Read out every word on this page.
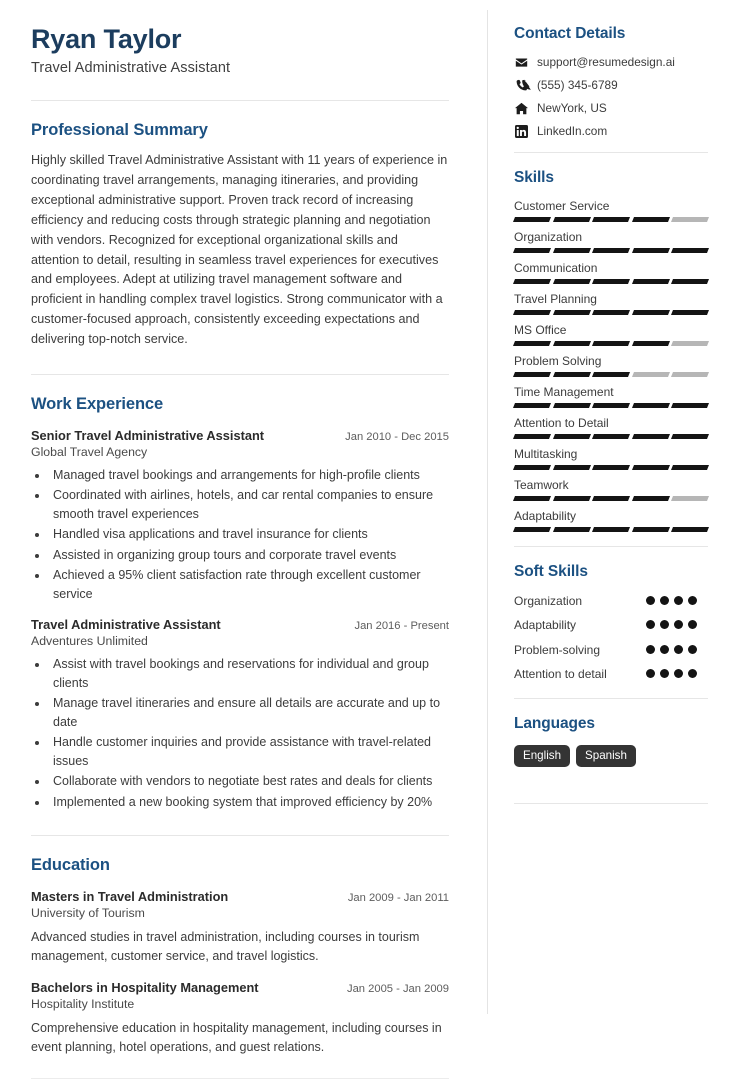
Ryan Taylor
Travel Administrative Assistant
Professional Summary
Highly skilled Travel Administrative Assistant with 11 years of experience in coordinating travel arrangements, managing itineraries, and providing exceptional administrative support. Proven track record of increasing efficiency and reducing costs through strategic planning and negotiation with vendors. Recognized for exceptional organizational skills and attention to detail, resulting in seamless travel experiences for executives and employees. Adept at utilizing travel management software and proficient in handling complex travel logistics. Strong communicator with a customer-focused approach, consistently exceeding expectations and delivering top-notch service.
Work Experience
Senior Travel Administrative Assistant	Jan 2010 - Dec 2015
Global Travel Agency
• Managed travel bookings and arrangements for high-profile clients
• Coordinated with airlines, hotels, and car rental companies to ensure smooth travel experiences
• Handled visa applications and travel insurance for clients
• Assisted in organizing group tours and corporate travel events
• Achieved a 95% client satisfaction rate through excellent customer service
Travel Administrative Assistant	Jan 2016 - Present
Adventures Unlimited
• Assist with travel bookings and reservations for individual and group clients
• Manage travel itineraries and ensure all details are accurate and up to date
• Handle customer inquiries and provide assistance with travel-related issues
• Collaborate with vendors to negotiate best rates and deals for clients
• Implemented a new booking system that improved efficiency by 20%
Education
Masters in Travel Administration	Jan 2009 - Jan 2011
University of Tourism
Advanced studies in travel administration, including courses in tourism management, customer service, and travel logistics.
Bachelors in Hospitality Management	Jan 2005 - Jan 2009
Hospitality Institute
Comprehensive education in hospitality management, including courses in event planning, hotel operations, and guest relations.
Contact Details
support@resumedesign.ai
(555) 345-6789
NewYork, US
LinkedIn.com
Skills
Customer Service
Organization
Communication
Travel Planning
MS Office
Problem Solving
Time Management
Attention to Detail
Multitasking
Teamwork
Adaptability
Soft Skills
Organization
Adaptability
Problem-solving
Attention to detail
Languages
English	Spanish
